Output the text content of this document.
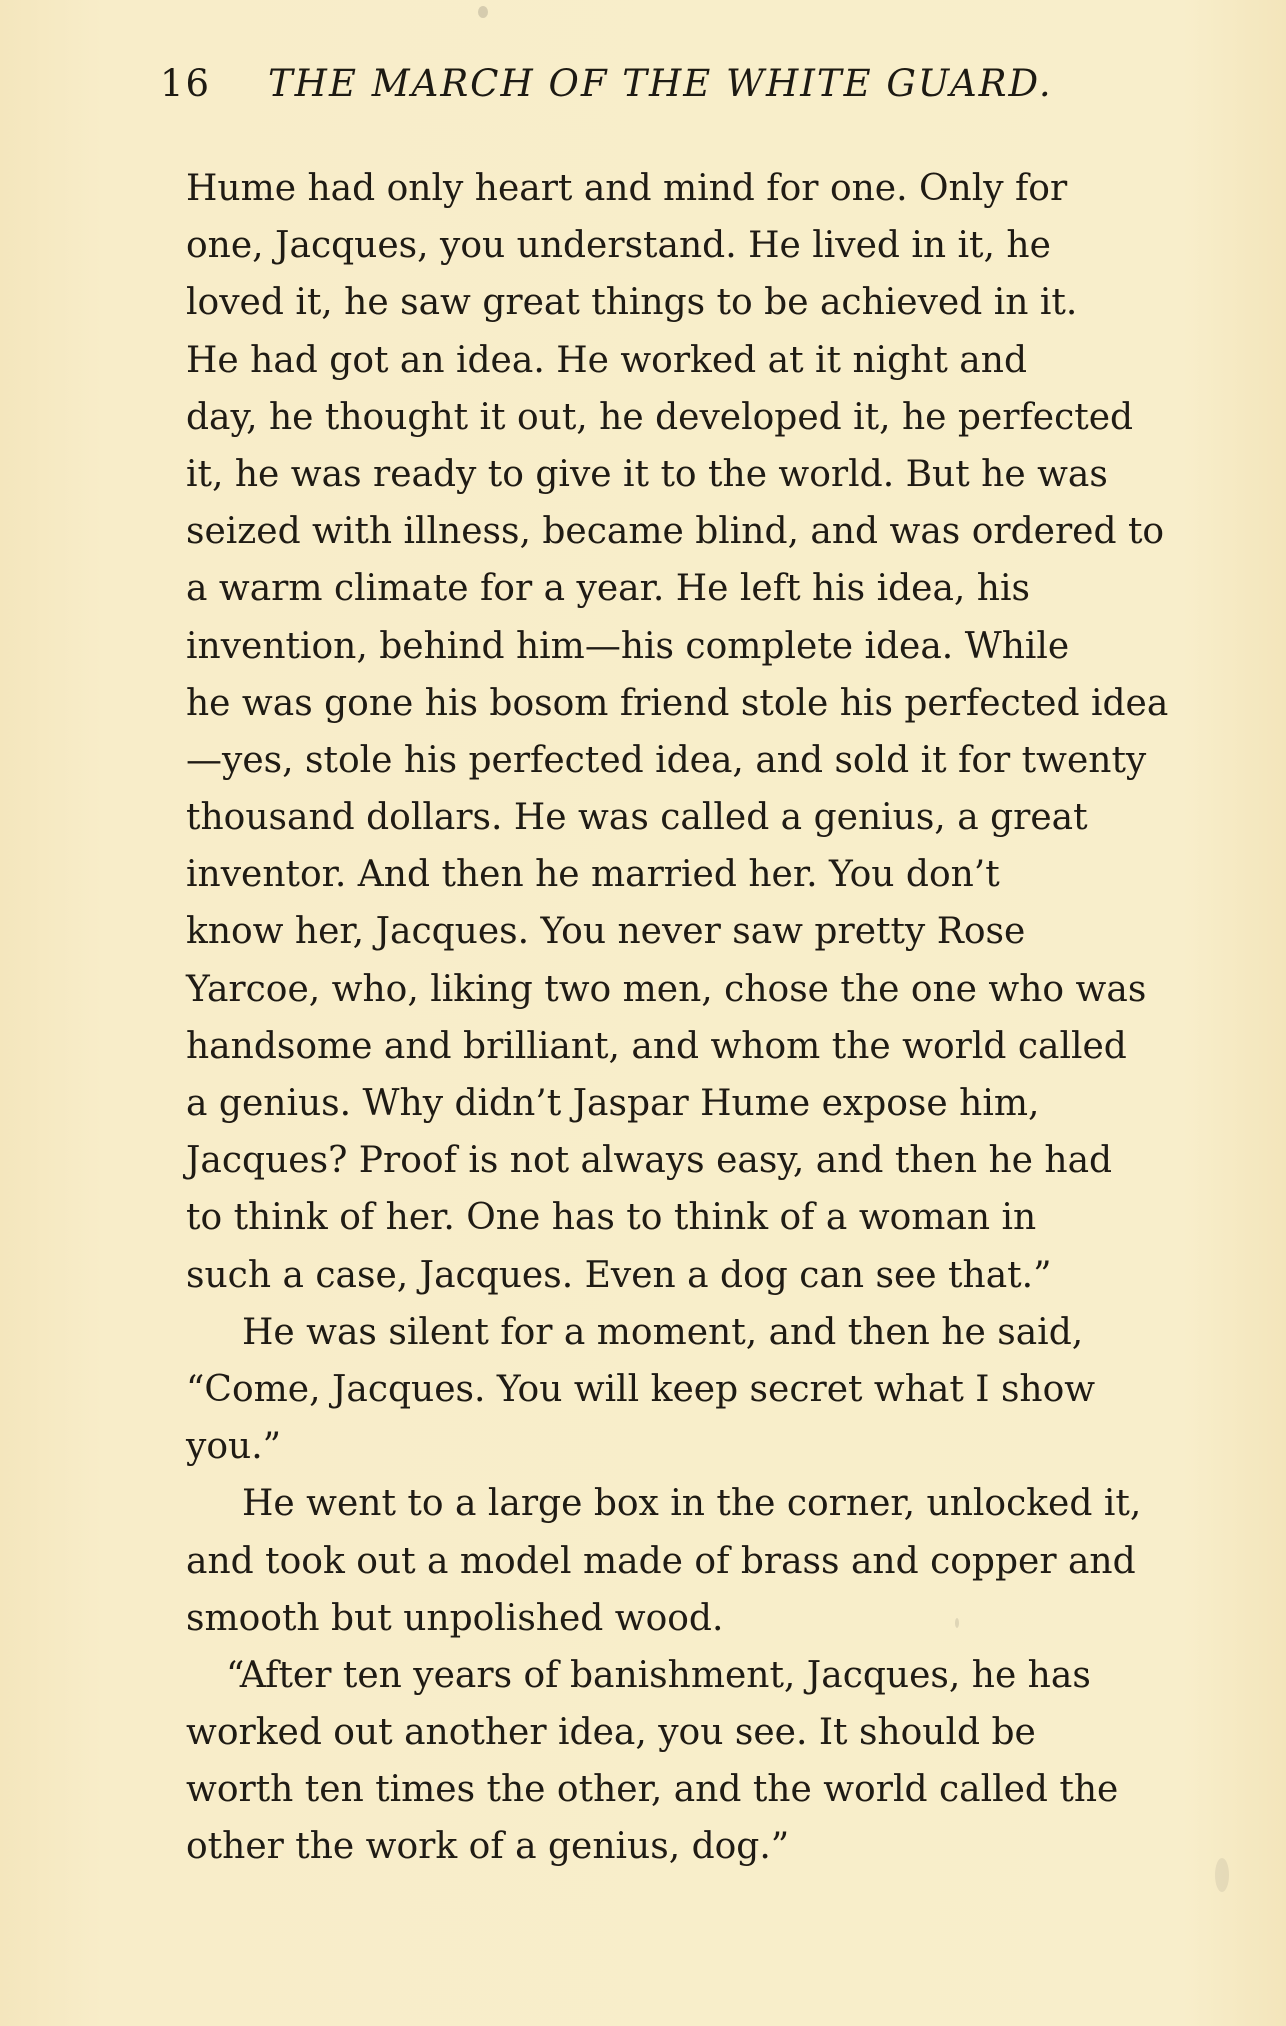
16 THE MARCH OF THE WHITE GUARD.
Hume had only heart and mind for one. Only for
one, Jacques, you understand. He lived in it, he
loved it, he saw great things to be achieved in it.
He had got an idea. He worked at it night and
day, he thought it out, he developed it, he perfected
it, he was ready to give it to the world. But he was
seized with illness, became blind, and was ordered to
a warm climate for a year. He left his idea, his
invention, behind him—his complete idea. While
he was gone his bosom friend stole his perfected idea
—yes, stole his perfected idea, and sold it for twenty
thousand dollars. He was called a genius, a great
inventor. And then he married her. You don’t
know her, Jacques. You never saw pretty Rose
Yarcoe, who, liking two men, chose the one who was
handsome and brilliant, and whom the world called
a genius. Why didn’t Jaspar Hume expose him,
Jacques? Proof is not always easy, and then he had
to think of her. One has to think of a woman in
such a case, Jacques. Even a dog can see that.”
He was silent for a moment, and then he said,
“Come, Jacques. You will keep secret what I show
you.”
He went to a large box in the corner, unlocked it,
and took out a model made of brass and copper and
smooth but unpolished wood.
“After ten years of banishment, Jacques, he has
worked out another idea, you see. It should be
worth ten times the other, and the world called the
other the work of a genius, dog.”
